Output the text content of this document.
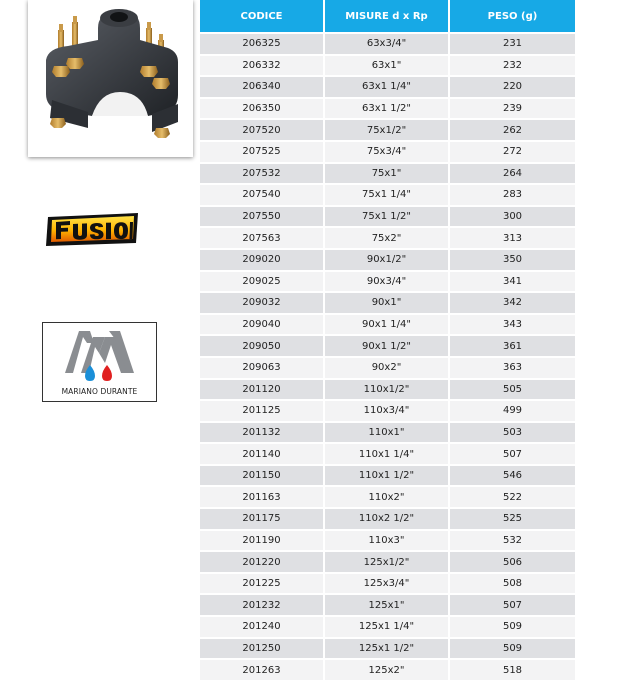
MARIANO DURANTE
CODICE	MISURE d x Rp	PESO (g)
206325	63x3/4"	231
206332	63x1"	232
206340	63x1 1/4"	220
206350	63x1 1/2"	239
207520	75x1/2"	262
207525	75x3/4"	272
207532	75x1"	264
207540	75x1 1/4"	283
207550	75x1 1/2"	300
207563	75x2"	313
209020	90x1/2"	350
209025	90x3/4"	341
209032	90x1"	342
209040	90x1 1/4"	343
209050	90x1 1/2"	361
209063	90x2"	363
201120	110x1/2"	505
201125	110x3/4"	499
201132	110x1"	503
201140	110x1 1/4"	507
201150	110x1 1/2"	546
201163	110x2"	522
201175	110x2 1/2"	525
201190	110x3"	532
201220	125x1/2"	506
201225	125x3/4"	508
201232	125x1"	507
201240	125x1 1/4"	509
201250	125x1 1/2"	509
201263	125x2"	518
